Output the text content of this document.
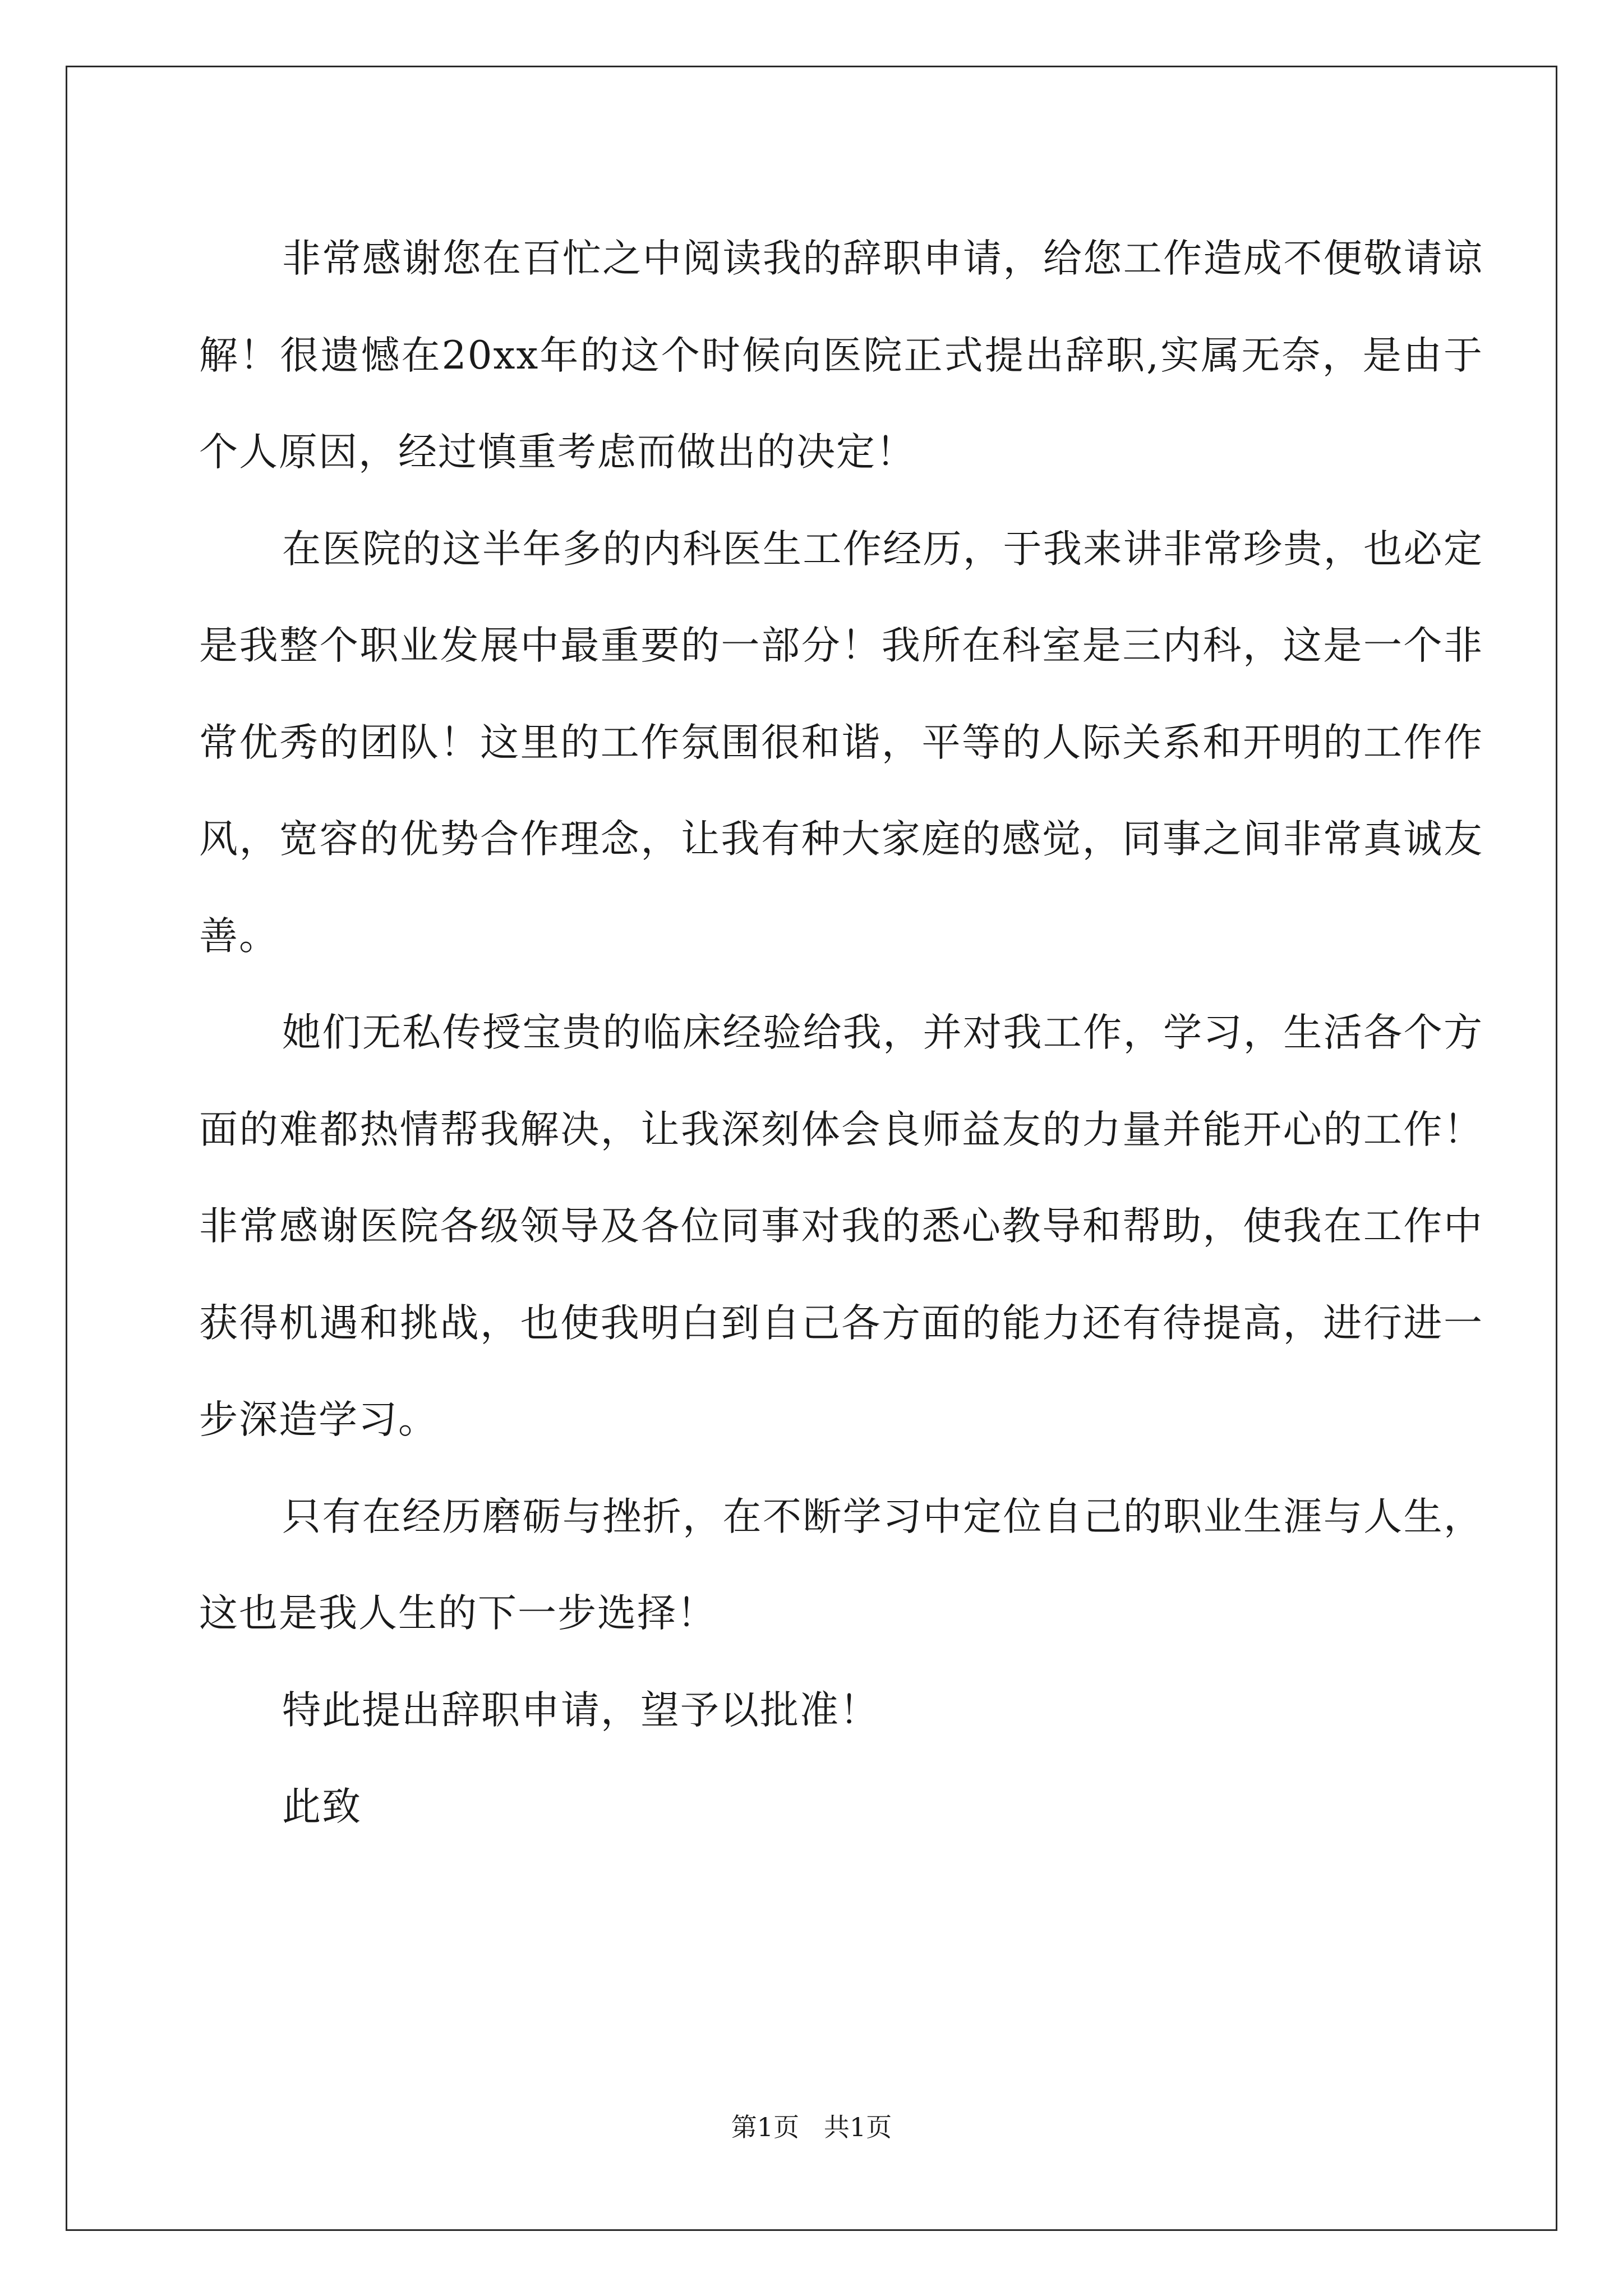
非常感谢您在百忙之中阅读我的辞职申请，给您工作造成不便敬请谅解！很遗憾在20xx年的这个时候向医院正式提出辞职,实属无奈，是由于个人原因，经过慎重考虑而做出的决定！

在医院的这半年多的内科医生工作经历，于我来讲非常珍贵，也必定是我整个职业发展中最重要的一部分！我所在科室是三内科，这是一个非常优秀的团队！这里的工作氛围很和谐，平等的人际关系和开明的工作作风，宽容的优势合作理念，让我有种大家庭的感觉，同事之间非常真诚友善。

她们无私传授宝贵的临床经验给我，并对我工作，学习，生活各个方面的难都热情帮我解决，让我深刻体会良师益友的力量并能开心的工作！非常感谢医院各级领导及各位同事对我的悉心教导和帮助，使我在工作中获得机遇和挑战，也使我明白到自己各方面的能力还有待提高，进行进一步深造学习。

只有在经历磨砺与挫折，在不断学习中定位自己的职业生涯与人生，这也是我人生的下一步选择！

特此提出辞职申请，望予以批准！

此致

第1页   共1页
